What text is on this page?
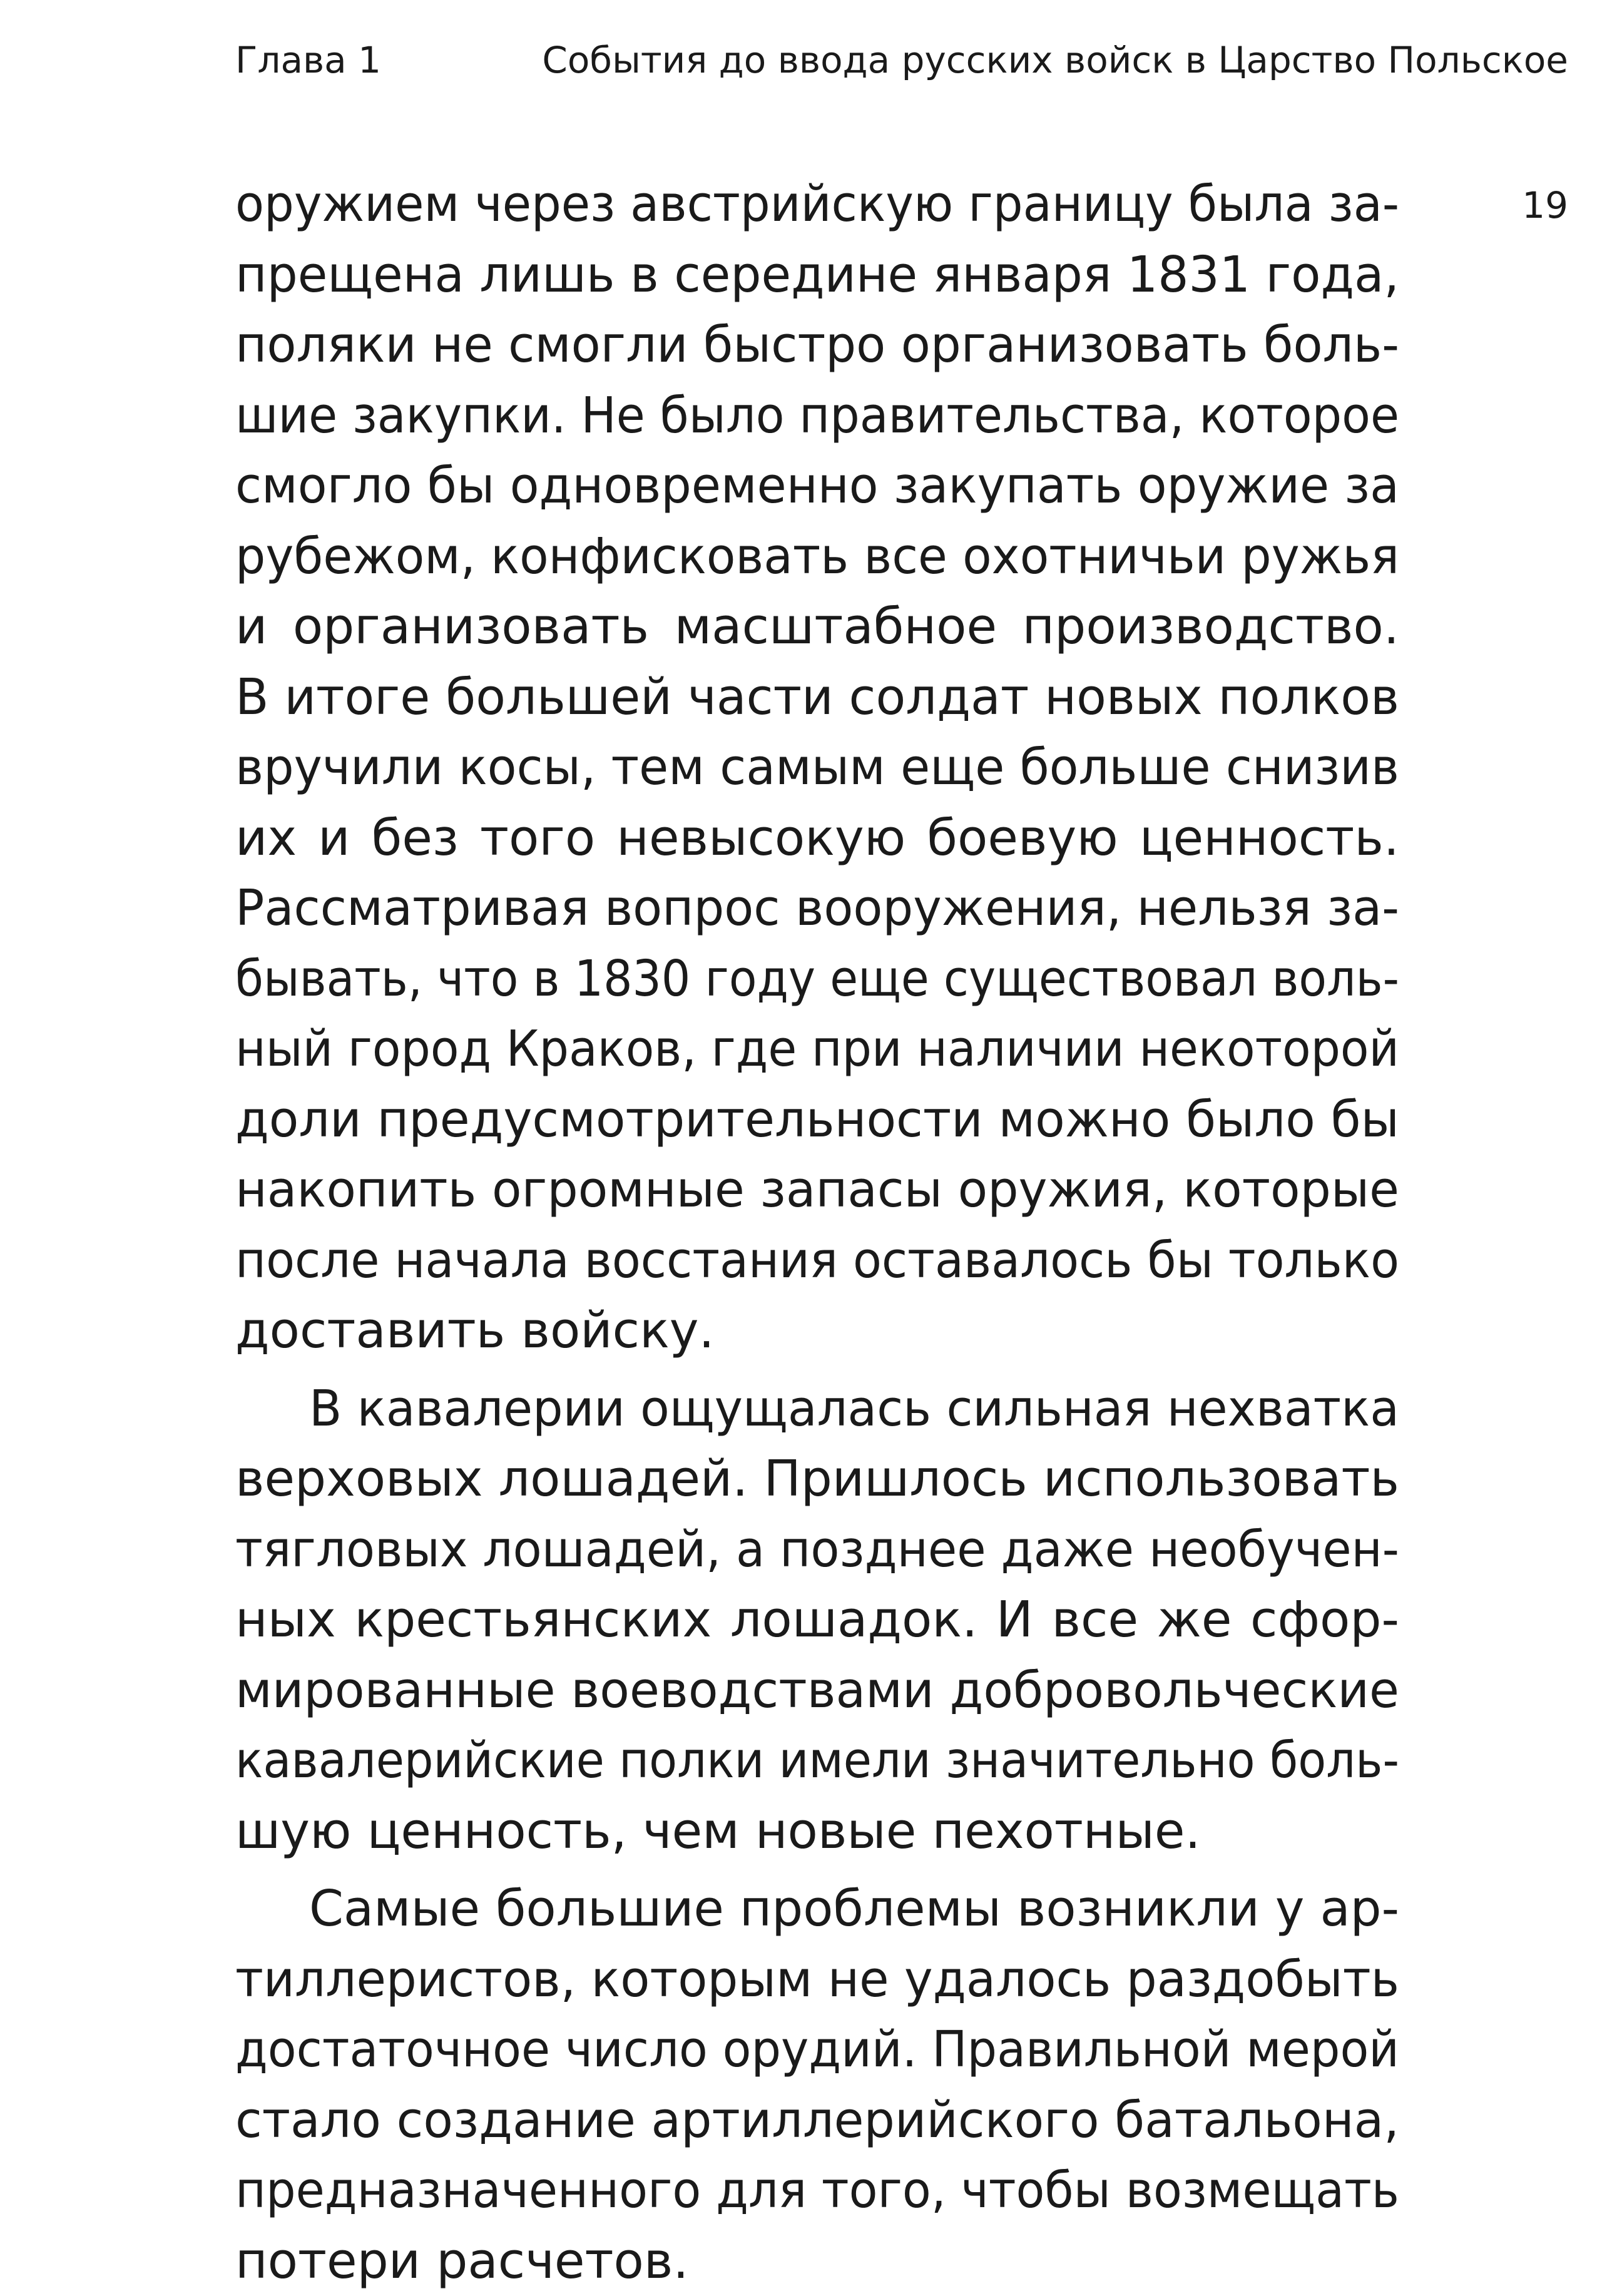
Глава 1	События до ввода русских войск в Царство Польское
19

оружием через австрийскую границу была за-
прещена лишь в середине января 1831 года,
поляки не смогли быстро организовать боль-
шие закупки. Не было правительства, которое
смогло бы одновременно закупать оружие за
рубежом, конфисковать все охотничьи ружья
и организовать масштабное производство.
В итоге большей части солдат новых полков
вручили косы, тем самым еще больше снизив
их и без того невысокую боевую ценность.
Рассматривая вопрос вооружения, нельзя за-
бывать, что в 1830 году еще существовал воль-
ный город Краков, где при наличии некоторой
доли предусмотрительности можно было бы
накопить огромные запасы оружия, которые
после начала восстания оставалось бы только
доставить войску.

В кавалерии ощущалась сильная нехватка
верховых лошадей. Пришлось использовать
тягловых лошадей, а позднее даже необучен-
ных крестьянских лошадок. И все же сфор-
мированные воеводствами добровольческие
кавалерийские полки имели значительно боль-
шую ценность, чем новые пехотные.

Самые большие проблемы возникли у ар-
тиллеристов, которым не удалось раздобыть
достаточное число орудий. Правильной мерой
стало создание артиллерийского батальона,
предназначенного для того, чтобы возмещать
потери расчетов.
